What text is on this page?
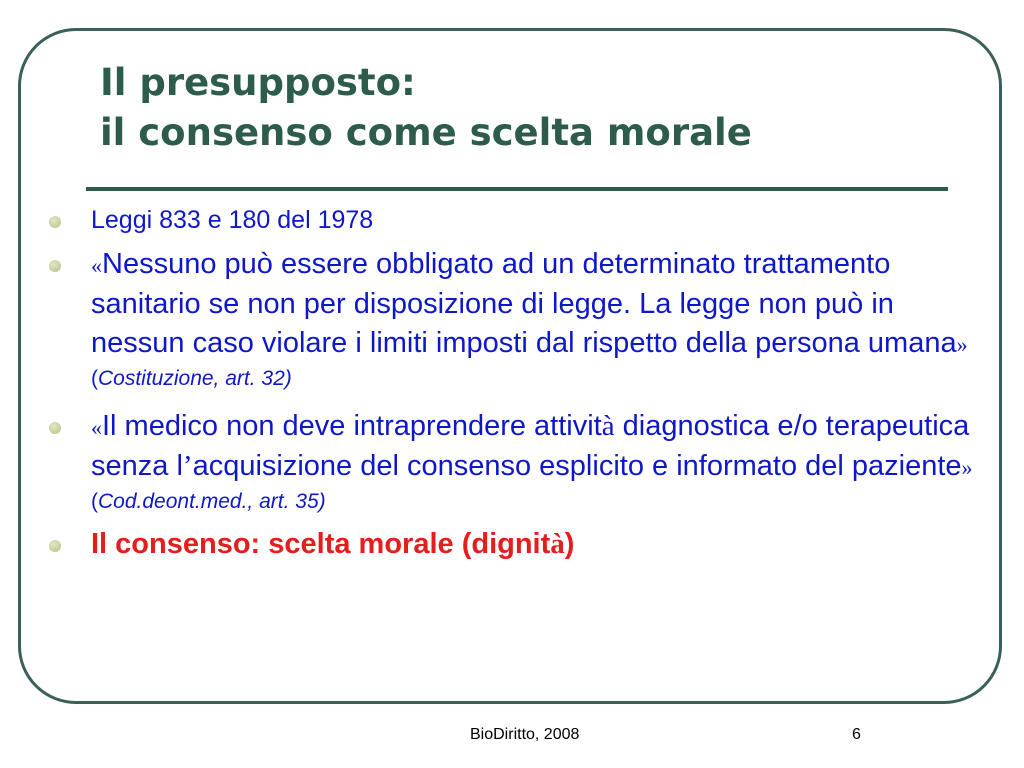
Il presupposto:
il consenso come scelta morale
Leggi 833 e 180 del 1978
«Nessuno può essere obbligato ad un determinato trattamento sanitario se non per disposizione di legge. La legge non può in nessun caso violare i limiti imposti dal rispetto della persona umana»
(Costituzione, art. 32)
«Il medico non deve intraprendere attività diagnostica e/o terapeutica senza l’acquisizione del consenso esplicito e informato del paziente»
(Cod.deont.med., art. 35)
Il consenso: scelta morale (dignità)
BioDiritto, 2008	6
